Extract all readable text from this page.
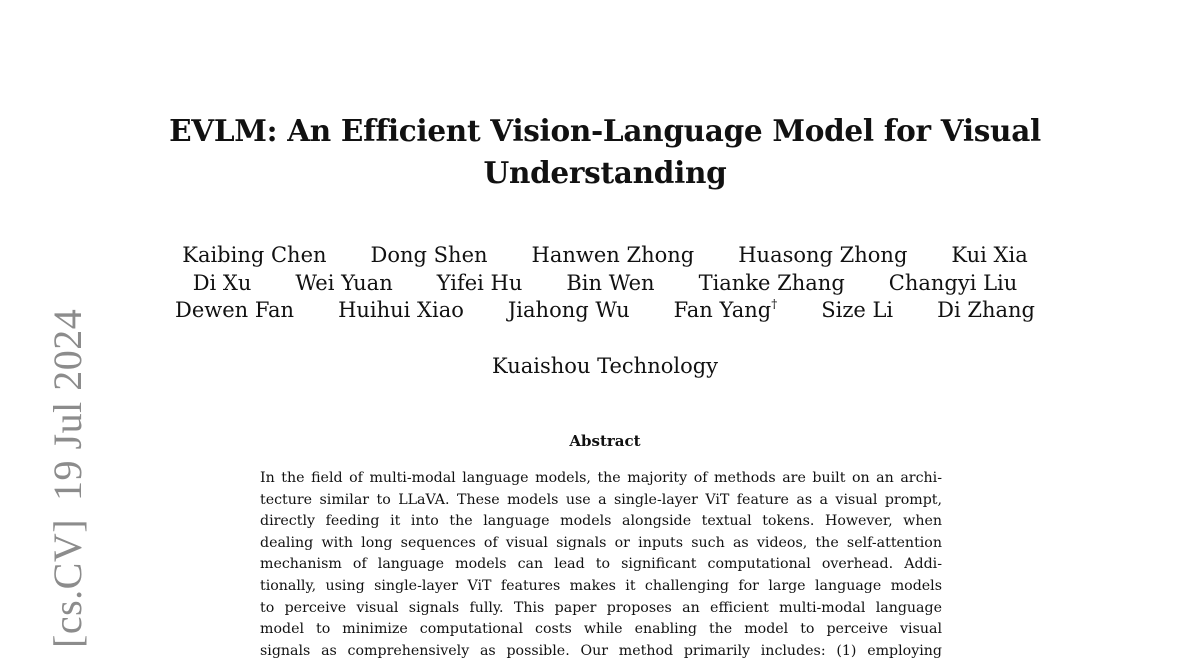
[cs.CV]19 Jul 2024
EVLM: An Efficient Vision-Language Model for Visual
Understanding
Kaibing Chen Dong Shen Hanwen Zhong Huasong Zhong Kui Xia
Di Xu Wei Yuan Yifei Hu Bin Wen Tianke Zhang Changyi Liu
Dewen Fan Huihui Xiao Jiahong Wu Fan Yang† Size Li Di Zhang
Kuaishou Technology
Abstract
In the field of multi-modal language models, the majority of methods are built on an archi-
tecture similar to LLaVA. These models use a single-layer ViT feature as a visual prompt,
directly feeding it into the language models alongside textual tokens. However, when
dealing with long sequences of visual signals or inputs such as videos, the self-attention
mechanism of language models can lead to significant computational overhead. Addi-
tionally, using single-layer ViT features makes it challenging for large language models
to perceive visual signals fully. This paper proposes an efficient multi-modal language
model to minimize computational costs while enabling the model to perceive visual
signals as comprehensively as possible. Our method primarily includes: (1) employing
